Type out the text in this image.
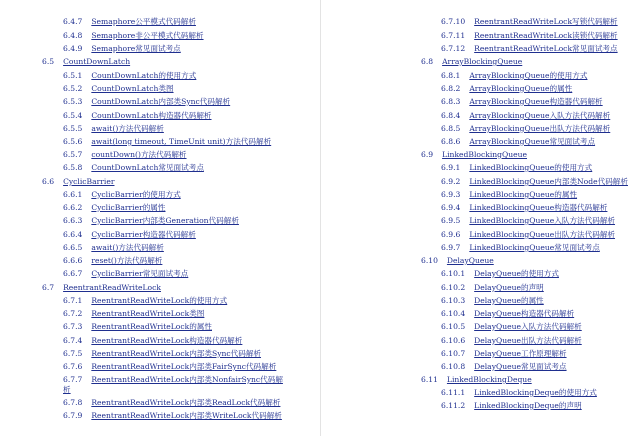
6.4.7 Semaphore公平模式代码解析
6.4.8 Semaphore非公平模式代码解析
6.4.9 Semaphore常见面试考点
6.5 CountDownLatch
6.5.1 CountDownLatch的使用方式
6.5.2 CountDownLatch类图
6.5.3 CountDownLatch内部类Sync代码解析
6.5.4 CountDownLatch构造器代码解析
6.5.5 await()方法代码解析
6.5.6 await(long timeout, TimeUnit unit)方法代码解析
6.5.7 countDown()方法代码解析
6.5.8 CountDownLatch常见面试考点
6.6 CyclicBarrier
6.6.1 CyclicBarrier的使用方式
6.6.2 CyclicBarrier的属性
6.6.3 CyclicBarrier内部类Generation代码解析
6.6.4 CyclicBarrier构造器代码解析
6.6.5 await()方法代码解析
6.6.6 reset()方法代码解析
6.6.7 CyclicBarrier常见面试考点
6.7 ReentrantReadWriteLock
6.7.1 ReentrantReadWriteLock的使用方式
6.7.2 ReentrantReadWriteLock类图
6.7.3 ReentrantReadWriteLock的属性
6.7.4 ReentrantReadWriteLock构造器代码解析
6.7.5 ReentrantReadWriteLock内部类Sync代码解析
6.7.6 ReentrantReadWriteLock内部类FairSync代码解析
6.7.7 ReentrantReadWriteLock内部类NonfairSync代码解析
6.7.8 ReentrantReadWriteLock内部类ReadLock代码解析
6.7.9 ReentrantReadWriteLock内部类WriteLock代码解析
6.7.10 ReentrantReadWriteLock写锁代码解析
6.7.11 ReentrantReadWriteLock读锁代码解析
6.7.12 ReentrantReadWriteLock常见面试考点
6.8 ArrayBlockingQueue
6.8.1 ArrayBlockingQueue的使用方式
6.8.2 ArrayBlockingQueue的属性
6.8.3 ArrayBlockingQueue构造器代码解析
6.8.4 ArrayBlockingQueue入队方法代码解析
6.8.5 ArrayBlockingQueue出队方法代码解析
6.8.6 ArrayBlockingQueue常见面试考点
6.9 LinkedBlockingQueue
6.9.1 LinkedBlockingQueue的使用方式
6.9.2 LinkedBlockingQueue内部类Node代码解析
6.9.3 LinkedBlockingQueue的属性
6.9.4 LinkedBlockingQueue构造器代码解析
6.9.5 LinkedBlockingQueue入队方法代码解析
6.9.6 LinkedBlockingQueue出队方法代码解析
6.9.7 LinkedBlockingQueue常见面试考点
6.10 DelayQueue
6.10.1 DelayQueue的使用方式
6.10.2 DelayQueue的声明
6.10.3 DelayQueue的属性
6.10.4 DelayQueue构造器代码解析
6.10.5 DelayQueue入队方法代码解析
6.10.6 DelayQueue出队方法代码解析
6.10.7 DelayQueue工作原理解析
6.10.8 DelayQueue常见面试考点
6.11 LinkedBlockingDeque
6.11.1 LinkedBlockingDeque的使用方式
6.11.2 LinkedBlockingDeque的声明
